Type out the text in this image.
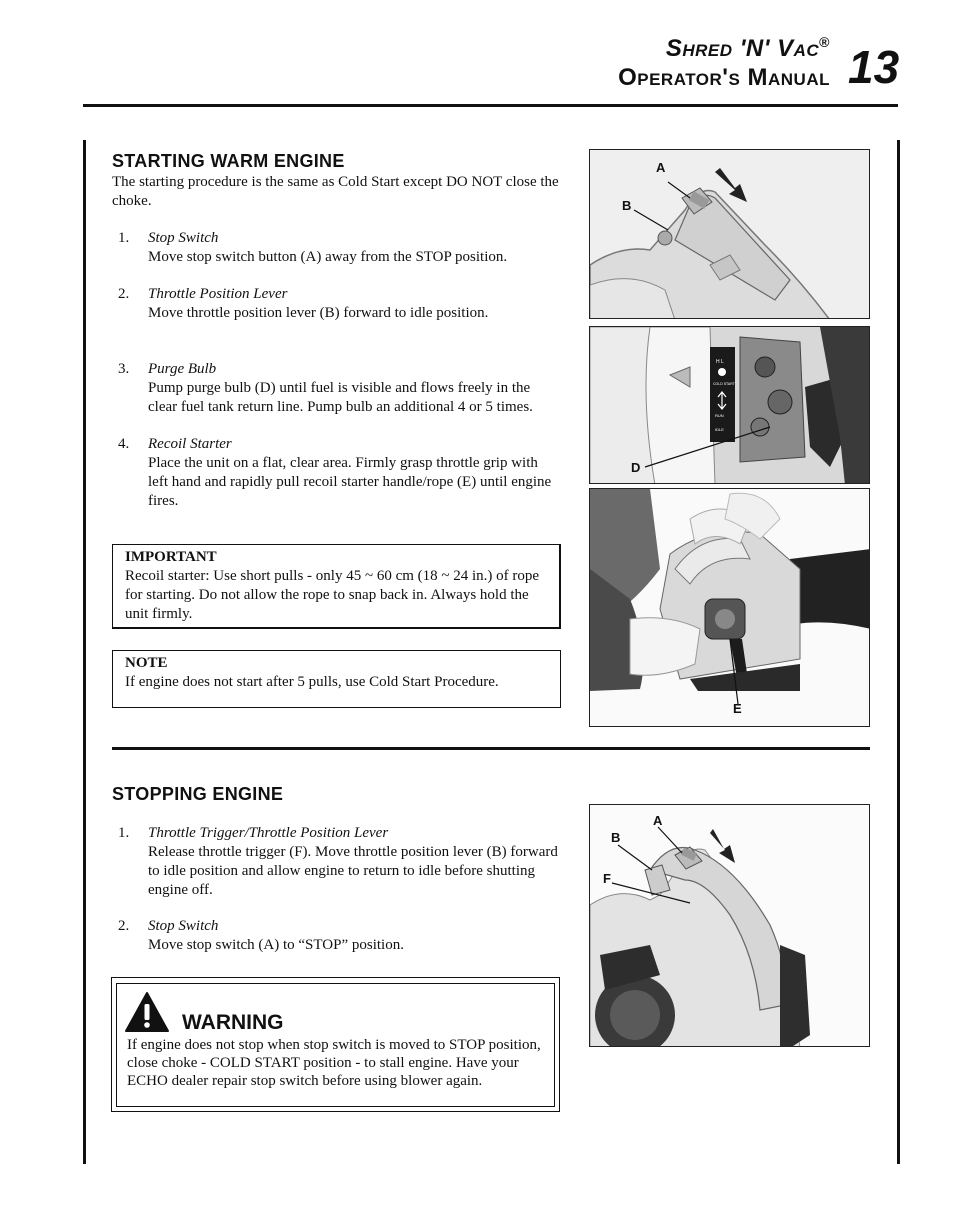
Shred 'N' Vac®
Operator's Manual 13
STARTING WARM ENGINE
The starting procedure is the same as Cold Start except DO NOT close the choke.
1. Stop Switch
Move stop switch button (A) away from the STOP position.
2. Throttle Position Lever
Move throttle position lever (B) forward to idle position.
3. Purge Bulb
Pump purge bulb (D) until fuel is visible and flows freely in the clear fuel tank return line. Pump bulb an additional 4 or 5 times.
4. Recoil Starter
Place the unit on a flat, clear area. Firmly grasp throttle grip with left hand and rapidly pull recoil starter handle/rope (E) until engine fires.
IMPORTANT
Recoil starter: Use short pulls - only 45 ~ 60 cm (18 ~ 24 in.) of rope for starting. Do not allow the rope to snap back in. Always hold the unit firmly.
NOTE
If engine does not start after 5 pulls, use Cold Start Procedure.
STOPPING ENGINE
1. Throttle Trigger/Throttle Position Lever
Release throttle trigger (F). Move throttle position lever (B) forward to idle position and allow engine to return to idle before shutting engine off.
2. Stop Switch
Move stop switch (A) to “STOP” position.
WARNING
If engine does not stop when stop switch is moved to STOP position, close choke - COLD START position - to stall engine. Have your ECHO dealer repair stop switch before using blower again.
A
B
H L
COLD START
RUN
IDLE
D
E
A
B
F
